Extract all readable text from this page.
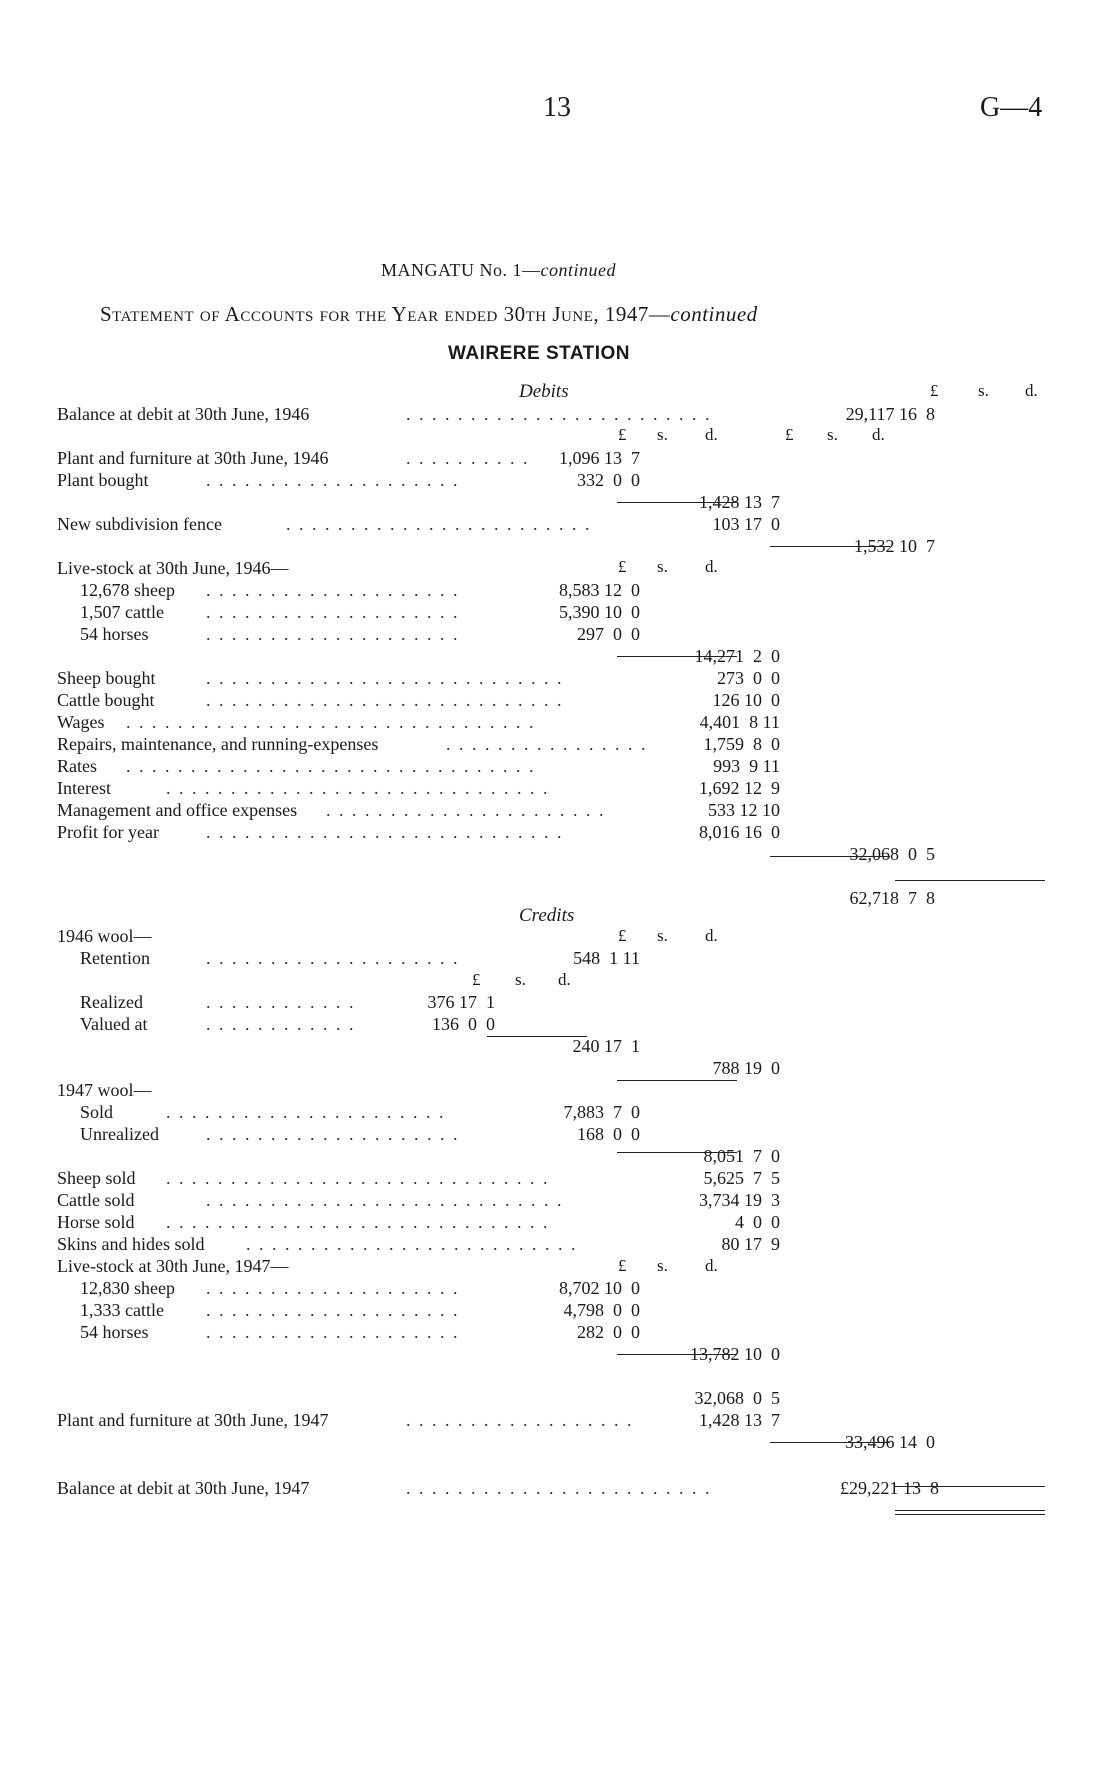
13	G—4
MANGATU No. 1—continued
Statement of Accounts for the Year ended 30th June, 1947—continued
WAIRERE STATION
Debits
Credits
£ s. d.
£ s. d.	£ s. d.
£ s. d.
£ s. d.
£ s. d.
£ s. d.
Balance at debit at 30th June, 1946	. . . . . . . . . . . . . . . . . . . . . . . .	29,117 16  8
Plant and furniture at 30th June, 1946	. . . . . . . . . .	1,096 13  7
Plant bought	. . . . . . . . . . . . . . . . . . . .	332  0  0
1,428 13  7
New subdivision fence	. . . . . . . . . . . . . . . . . . . . . . . .	103 17  0
1,532 10  7
Live-stock at 30th June, 1946—
12,678 sheep . . . . . . . . . . . . . . . . . . . .	8,583 12  0
1,507 cattle . . . . . . . . . . . . . . . . . . . .	5,390 10  0
54 horses	. . . . . . . . . . . . . . . . . . . .	297  0  0
14,271  2  0
Sheep bought	. . . . . . . . . . . . . . . . . . . . . . . . . . . .	273  0  0
Cattle bought	. . . . . . . . . . . . . . . . . . . . . . . . . . . .	126 10  0
Wages . . . . . . . . . . . . . . . . . . . . . . . . . . . . . . . .	4,401  8 11
Repairs, maintenance, and running-expenses	. . . . . . . . . . . . . . . .	1,759  8  0
Rates . . . . . . . . . . . . . . . . . . . . . . . . . . . . . . . .	993  9 11
Interest	. . . . . . . . . . . . . . . . . . . . . . . . . . . . . .	1,692 12  9
Management and office expenses . . . . . . . . . . . . . . . . . . . . . .	533 12 10
Profit for year	. . . . . . . . . . . . . . . . . . . . . . . . . . . .	8,016 16  0
32,068  0  5
62,718  7  8
1946 wool—
Retention	. . . . . . . . . . . . . . . . . . . .	548  1 11
Realized	. . . . . . . . . . . .	376 17  1
Valued at	. . . . . . . . . . . .	136  0  0
240 17  1
788 19  0
1947 wool—
Sold	. . . . . . . . . . . . . . . . . . . . . .	7,883  7  0
Unrealized	. . . . . . . . . . . . . . . . . . . .	168  0  0
8,051  7  0
Sheep sold . . . . . . . . . . . . . . . . . . . . . . . . . . . . . .	5,625  7  5
Cattle sold	. . . . . . . . . . . . . . . . . . . . . . . . . . . .	3,734 19  3
Horse sold . . . . . . . . . . . . . . . . . . . . . . . . . . . . . .	4  0  0
Skins and hides sold . . . . . . . . . . . . . . . . . . . . . . . . . .	80 17  9
Live-stock at 30th June, 1947—
12,830 sheep . . . . . . . . . . . . . . . . . . . .	8,702 10  0
1,333 cattle . . . . . . . . . . . . . . . . . . . .	4,798  0  0
54 horses	. . . . . . . . . . . . . . . . . . . .	282  0  0
13,782 10  0
32,068  0  5
Plant and furniture at 30th June, 1947	. . . . . . . . . . . . . . . . . .	1,428 13  7
33,496 14  0
Balance at debit at 30th June, 1947	. . . . . . . . . . . . . . . . . . . . . . . .	£29,221 13  8
